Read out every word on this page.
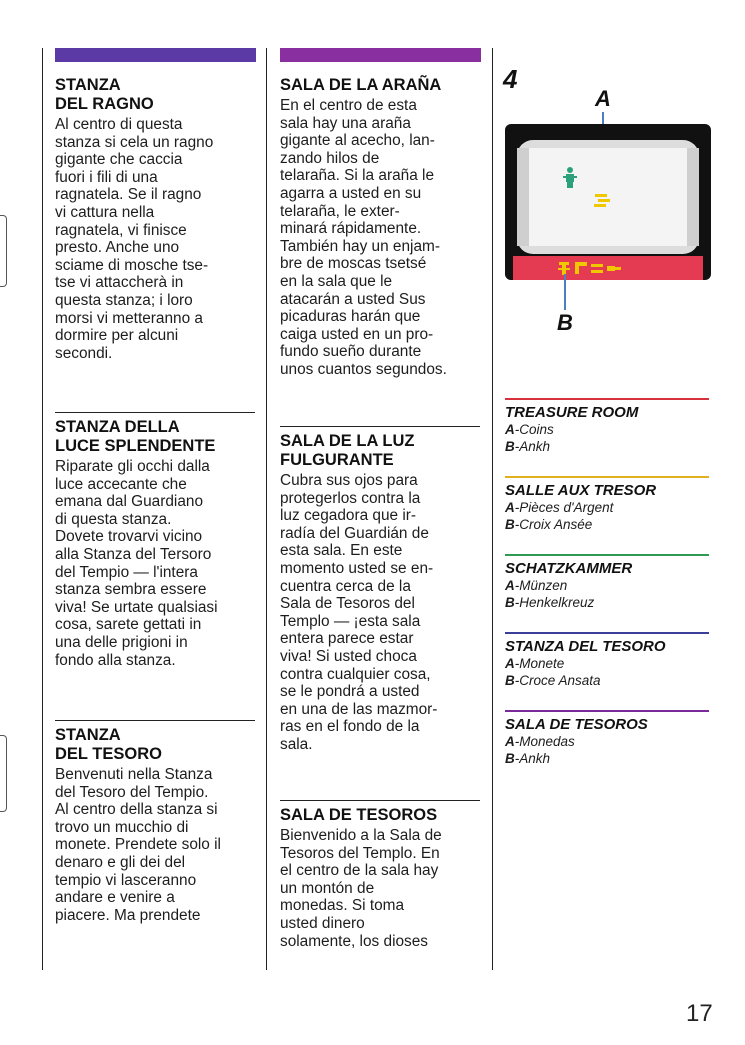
STANZA
DEL RAGNO
Al centro di questa
stanza si cela un ragno
gigante che caccia
fuori i fili di una
ragnatela. Se il ragno
vi cattura nella
ragnatela, vi finisce
presto. Anche uno
sciame di mosche tse-
tse vi attaccherà in
questa stanza; i loro
morsi vi metteranno a
dormire per alcuni
secondi.
STANZA DELLA
LUCE SPLENDENTE
Riparate gli occhi dalla
luce accecante che
emana dal Guardiano
di questa stanza.
Dovete trovarvi vicino
alla Stanza del Tersoro
del Tempio — l'intera
stanza sembra essere
viva! Se urtate qualsiasi
cosa, sarete gettati in
una delle prigioni in
fondo alla stanza.
STANZA
DEL TESORO
Benvenuti nella Stanza
del Tesoro del Tempio.
Al centro della stanza si
trovo un mucchio di
monete. Prendete solo il
denaro e gli dei del
tempio vi lasceranno
andare e venire a
piacere. Ma prendete
SALA DE LA ARAÑA
En el centro de esta
sala hay una araña
gigante al acecho, lan-
zando hilos de
telaraña. Si la araña le
agarra a usted en su
telaraña, le exter-
minará rápidamente.
También hay un enjam-
bre de moscas tsetsé
en la sala que le
atacarán a usted Sus
picaduras harán que
caiga usted en un pro-
fundo sueño durante
unos cuantos segundos.
SALA DE LA LUZ
FULGURANTE
Cubra sus ojos para
protegerlos contra la
luz cegadora que ir-
radía del Guardián de
esta sala. En este
momento usted se en-
cuentra cerca de la
Sala de Tesoros del
Templo — ¡esta sala
entera parece estar
viva! Si usted choca
contra cualquier cosa,
se le pondrá a usted
en una de las mazmor-
ras en el fondo de la
sala.
SALA DE TESOROS
Bienvenido a la Sala de
Tesoros del Templo. En
el centro de la sala hay
un montón de
monedas. Si toma
usted dinero
solamente, los dioses
4
A
B
TREASURE ROOM
A-Coins
B-Ankh
SALLE AUX TRESOR
A-Pièces d'Argent
B-Croix Ansée
SCHATZKAMMER
A-Münzen
B-Henkelkreuz
STANZA DEL TESORO
A-Monete
B-Croce Ansata
SALA DE TESOROS
A-Monedas
B-Ankh
17
